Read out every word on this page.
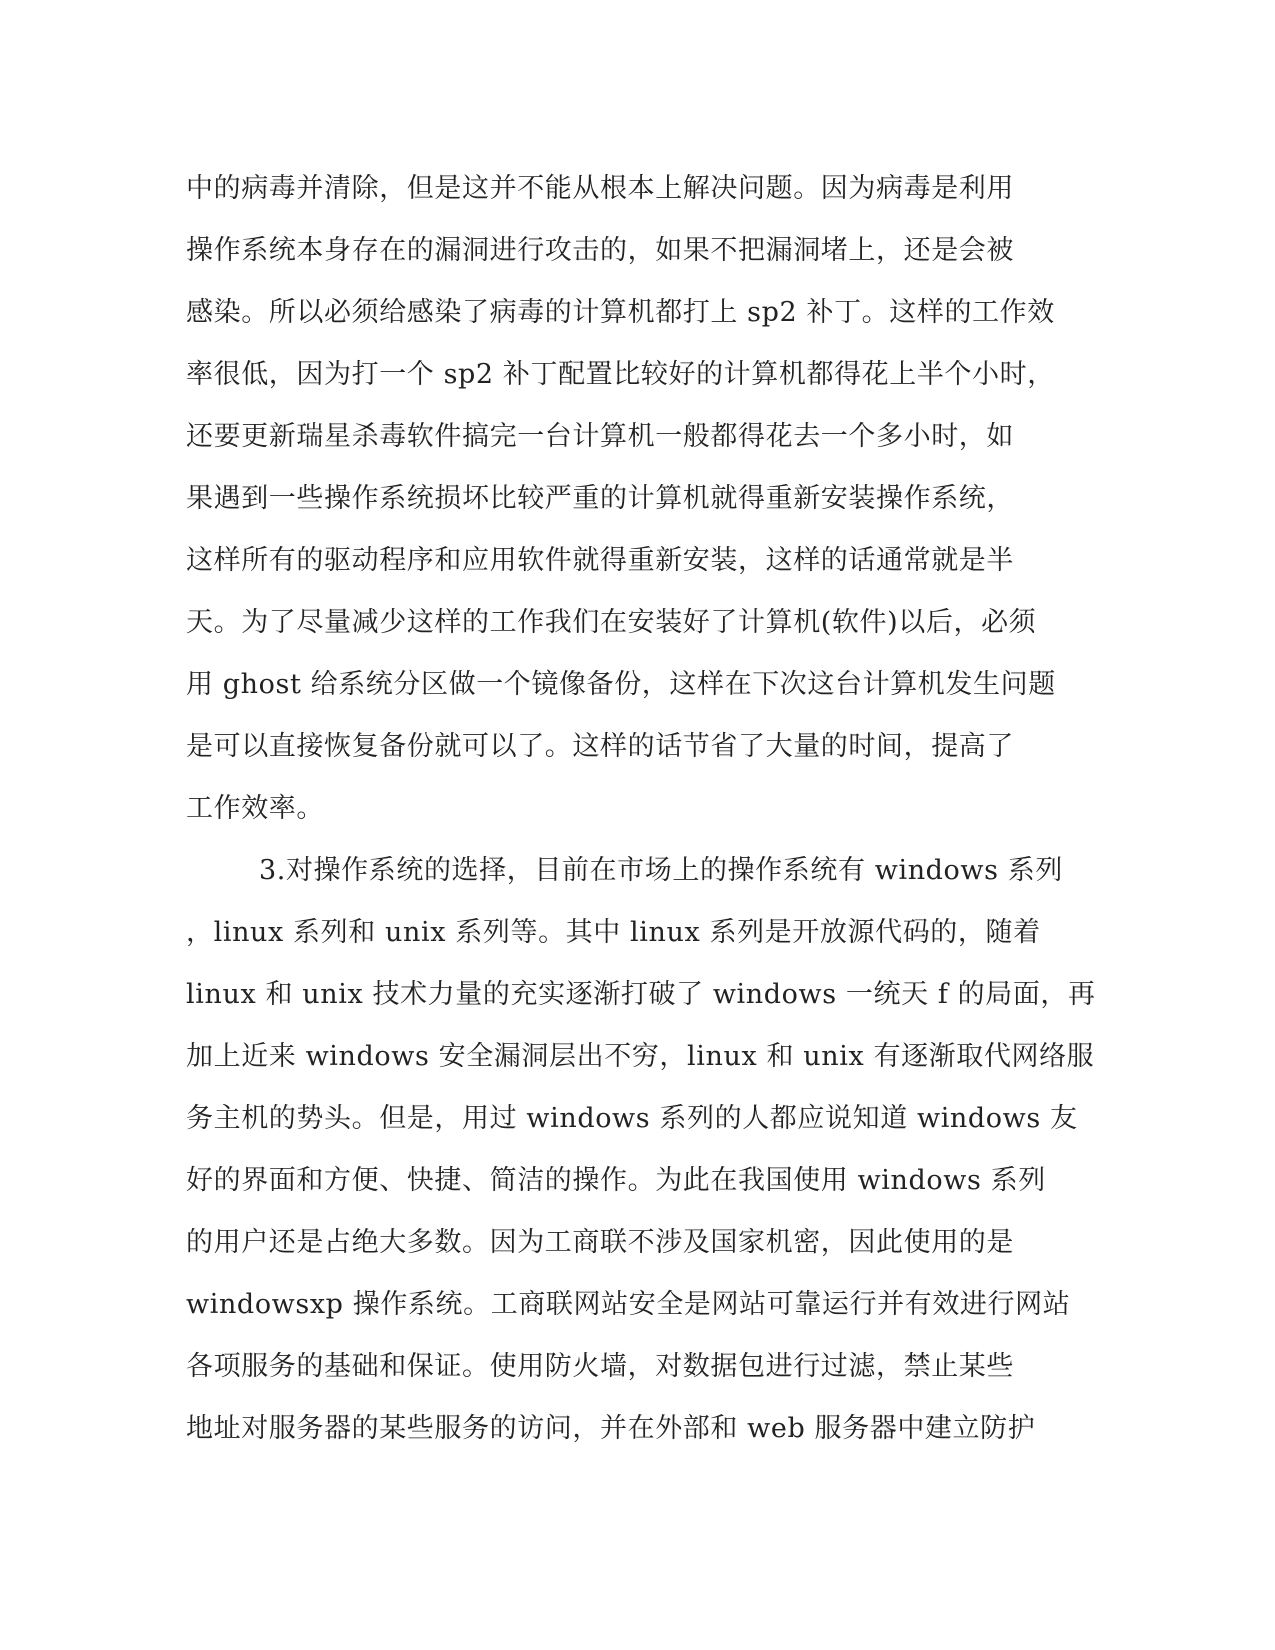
中的病毒并清除，但是这并不能从根本上解决问题。因为病毒是利用
操作系统本身存在的漏洞进行攻击的，如果不把漏洞堵上，还是会被
感染。所以必须给感染了病毒的计算机都打上 sp2 补丁。这样的工作效
率很低，因为打一个 sp2 补丁配置比较好的计算机都得花上半个小时，
还要更新瑞星杀毒软件搞完一台计算机一般都得花去一个多小时，如
果遇到一些操作系统损坏比较严重的计算机就得重新安装操作系统，
这样所有的驱动程序和应用软件就得重新安装，这样的话通常就是半
天。为了尽量减少这样的工作我们在安装好了计算机(软件)以后，必须
用 ghost 给系统分区做一个镜像备份，这样在下次这台计算机发生问题
是可以直接恢复备份就可以了。这样的话节省了大量的时间，提高了
工作效率。
3.对操作系统的选择，目前在市场上的操作系统有 windows 系列
，linux 系列和 unix 系列等。其中 linux 系列是开放源代码的，随着
linux 和 unix 技术力量的充实逐渐打破了 windows 一统天 f 的局面，再
加上近来 windows 安全漏洞层出不穷，linux 和 unix 有逐渐取代网络服
务主机的势头。但是，用过 windows 系列的人都应说知道 windows 友
好的界面和方便、快捷、简洁的操作。为此在我国使用 windows 系列
的用户还是占绝大多数。因为工商联不涉及国家机密，因此使用的是
windowsxp 操作系统。工商联网站安全是网站可靠运行并有效进行网站
各项服务的基础和保证。使用防火墙，对数据包进行过滤，禁止某些
地址对服务器的某些服务的访问，并在外部和 web 服务器中建立防护
